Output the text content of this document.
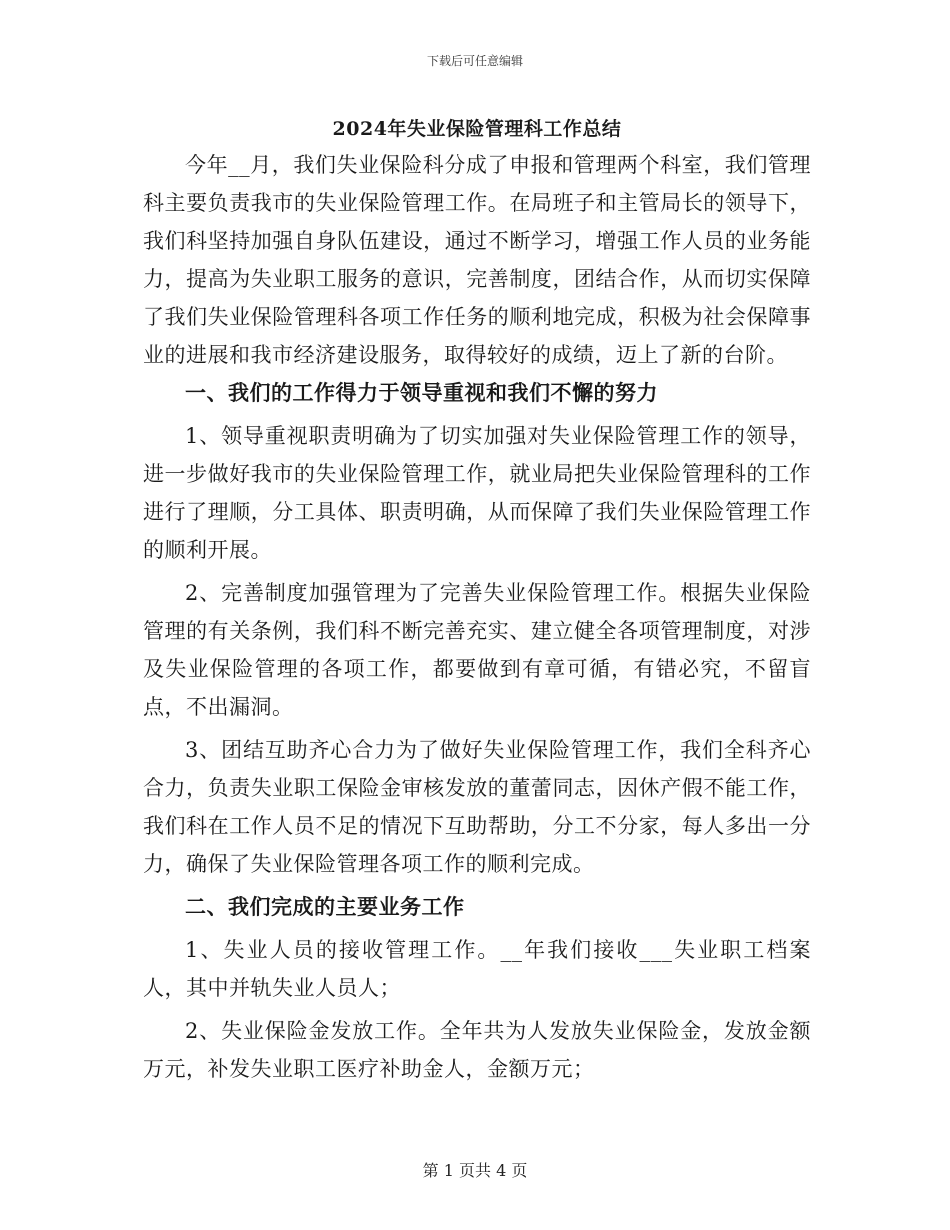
下载后可任意编辑
2024年失业保险管理科工作总结

今年__月，我们失业保险科分成了申报和管理两个科室，我们管理科主要负责我市的失业保险管理工作。在局班子和主管局长的领导下，我们科坚持加强自身队伍建设，通过不断学习，增强工作人员的业务能力，提高为失业职工服务的意识，完善制度，团结合作，从而切实保障了我们失业保险管理科各项工作任务的顺利地完成，积极为社会保障事业的进展和我市经济建设服务，取得较好的成绩，迈上了新的台阶。

一、我们的工作得力于领导重视和我们不懈的努力

1、领导重视职责明确为了切实加强对失业保险管理工作的领导，进一步做好我市的失业保险管理工作，就业局把失业保险管理科的工作进行了理顺，分工具体、职责明确，从而保障了我们失业保险管理工作的顺利开展。

2、完善制度加强管理为了完善失业保险管理工作。根据失业保险管理的有关条例，我们科不断完善充实、建立健全各项管理制度，对涉及失业保险管理的各项工作，都要做到有章可循，有错必究，不留盲点，不出漏洞。

3、团结互助齐心合力为了做好失业保险管理工作，我们全科齐心合力，负责失业职工保险金审核发放的董蕾同志，因休产假不能工作，我们科在工作人员不足的情况下互助帮助，分工不分家，每人多出一分力，确保了失业保险管理各项工作的顺利完成。

二、我们完成的主要业务工作

1、失业人员的接收管理工作。__年我们接收___失业职工档案人，其中并轨失业人员人；

2、失业保险金发放工作。全年共为人发放失业保险金，发放金额万元，补发失业职工医疗补助金人，金额万元；

第 1 页共 4 页
